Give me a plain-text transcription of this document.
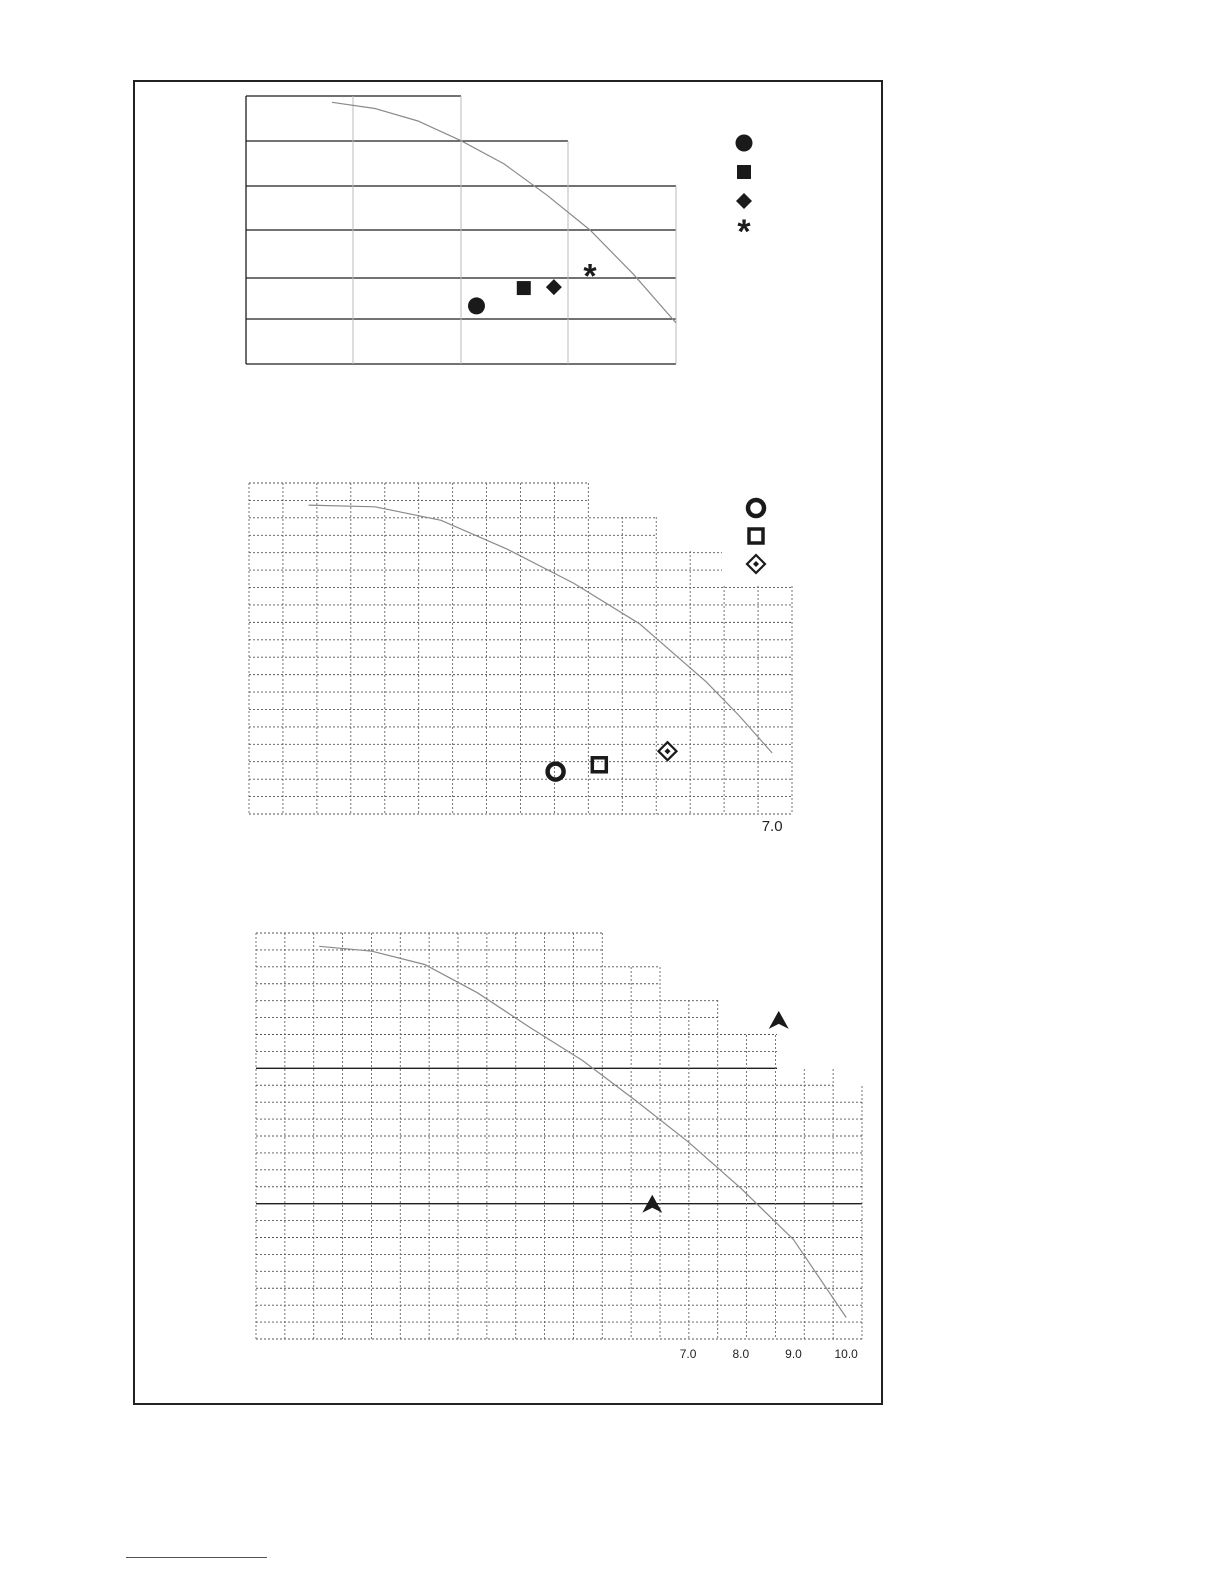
*
*
7.0
7.0	8.0	9.0	10.0
